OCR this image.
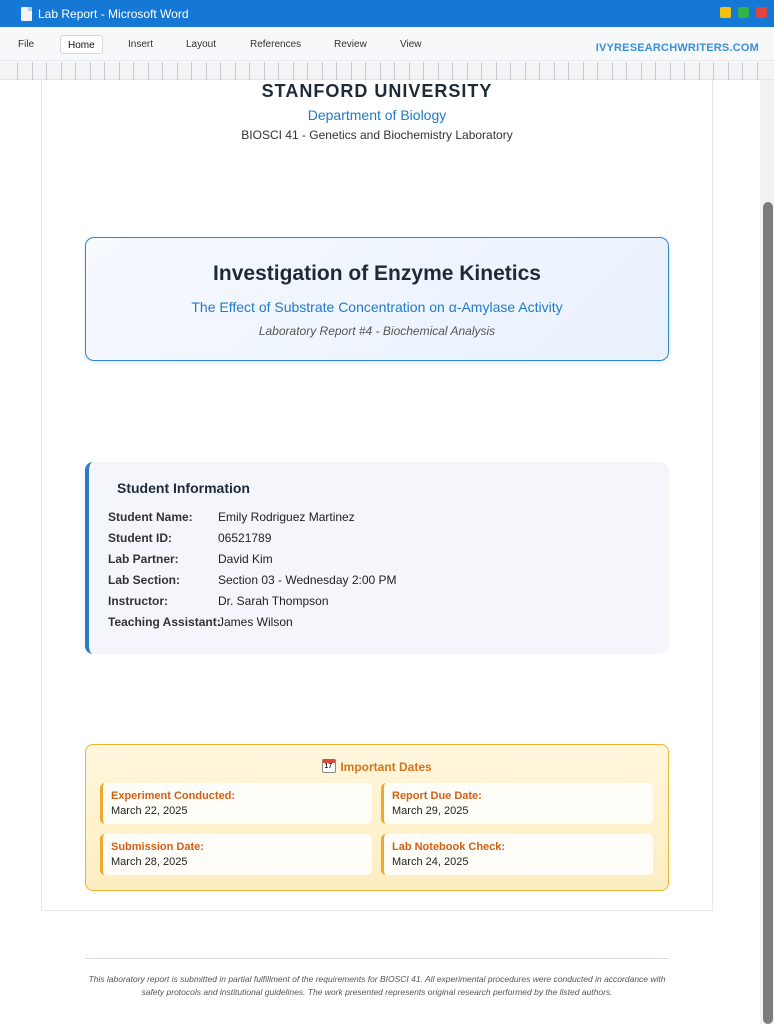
Lab Report - Microsoft Word
File	Home	Insert	Layout	References	Review	View	IVYRESEARCHWRITERS.COM
STANFORD UNIVERSITY
Department of Biology
BIOSCI 41 - Genetics and Biochemistry Laboratory
Investigation of Enzyme Kinetics
The Effect of Substrate Concentration on α-Amylase Activity
Laboratory Report #4 - Biochemical Analysis
Student Information
Student Name: Emily Rodriguez Martinez
Student ID:	06521789
Lab Partner:	David Kim
Lab Section:	Section 03 - Wednesday 2:00 PM
Instructor:	Dr. Sarah Thompson
Teaching Assistant:
James Wilson
17Important Dates
Experiment Conducted:
March 22, 2025
Report Due Date:
March 29, 2025
Submission Date:
March 28, 2025
Lab Notebook Check:
March 24, 2025
This laboratory report is submitted in partial fulfillment of the requirements for BIOSCI 41. All experimental procedures were conducted in accordance with safety protocols and institutional guidelines. The work presented represents original research performed by the listed authors.
